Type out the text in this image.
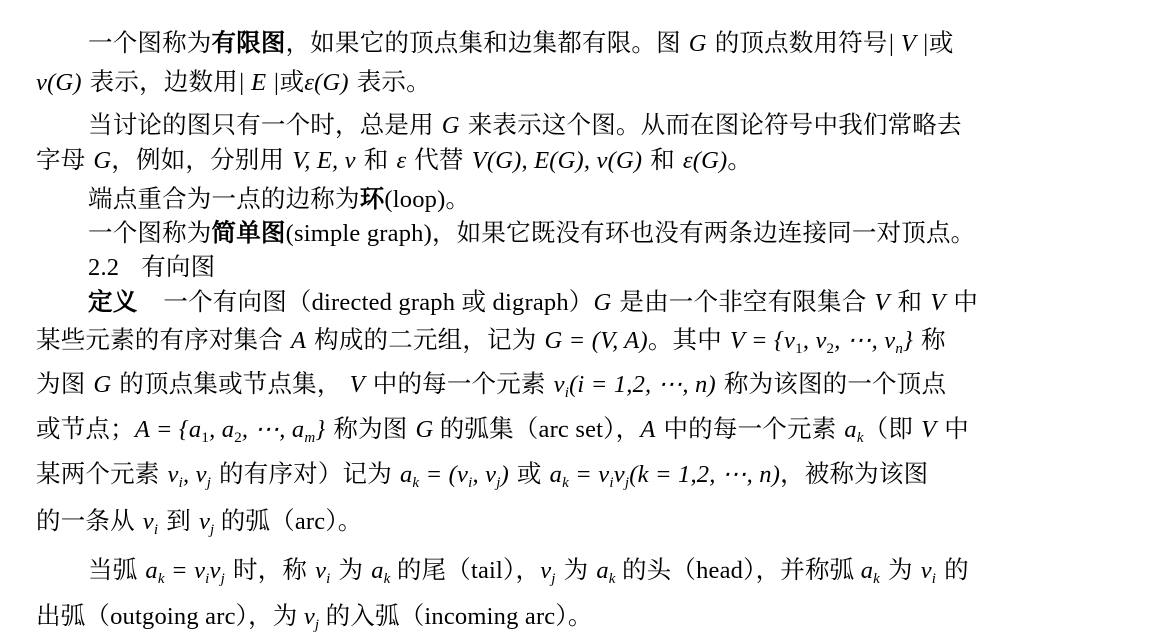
一个图称为有限图，如果它的顶点集和边集都有限。图 G 的顶点数用符号| V |或
ν(G) 表示，边数用| E |或ε(G) 表示。
当讨论的图只有一个时，总是用 G 来表示这个图。从而在图论符号中我们常略去
字母 G，例如，分别用 V, E, ν 和 ε 代替 V(G), E(G), ν(G) 和 ε(G)。
端点重合为一点的边称为环(loop)。
一个图称为简单图(simple graph)，如果它既没有环也没有两条边连接同一对顶点。
2.2 有向图
定义 一个有向图（directed graph 或 digraph）G 是由一个非空有限集合 V 和 V 中
某些元素的有序对集合 A 构成的二元组，记为 G = (V, A)。其中 $V = \{v_1$, $v_2$, ⋯, $v_n$} 称
为图 G 的顶点集或节点集， V 中的每一个元素 $v_i(i = 1,2$, ⋯, n) 称为该图的一个顶点
或节点；$A = \{a_1$, $a_2$, ⋯, $a_m$} 称为图 G 的弧集（arc set），A 中的每一个元素 $a_k$（即 V 中
某两个元素 $v_i$, $v_j$ 的有序对）记为 $a_k = (v_i$, $v_j$) 或 $a_k = v_iv_j(k = 1,2$, ⋯, n)，被称为该图
的一条从 $v_i$ 到 $v_j$ 的弧（arc）。
当弧 $a_k = v_iv_j$ 时，称 $v_i$ 为 $a_k$ 的尾（tail），$v_j$ 为 $a_k$ 的头（head），并称弧 $a_k$ 为 $v_i$ 的
出弧（outgoing arc），为 $v_j$ 的入弧（incoming arc）。
